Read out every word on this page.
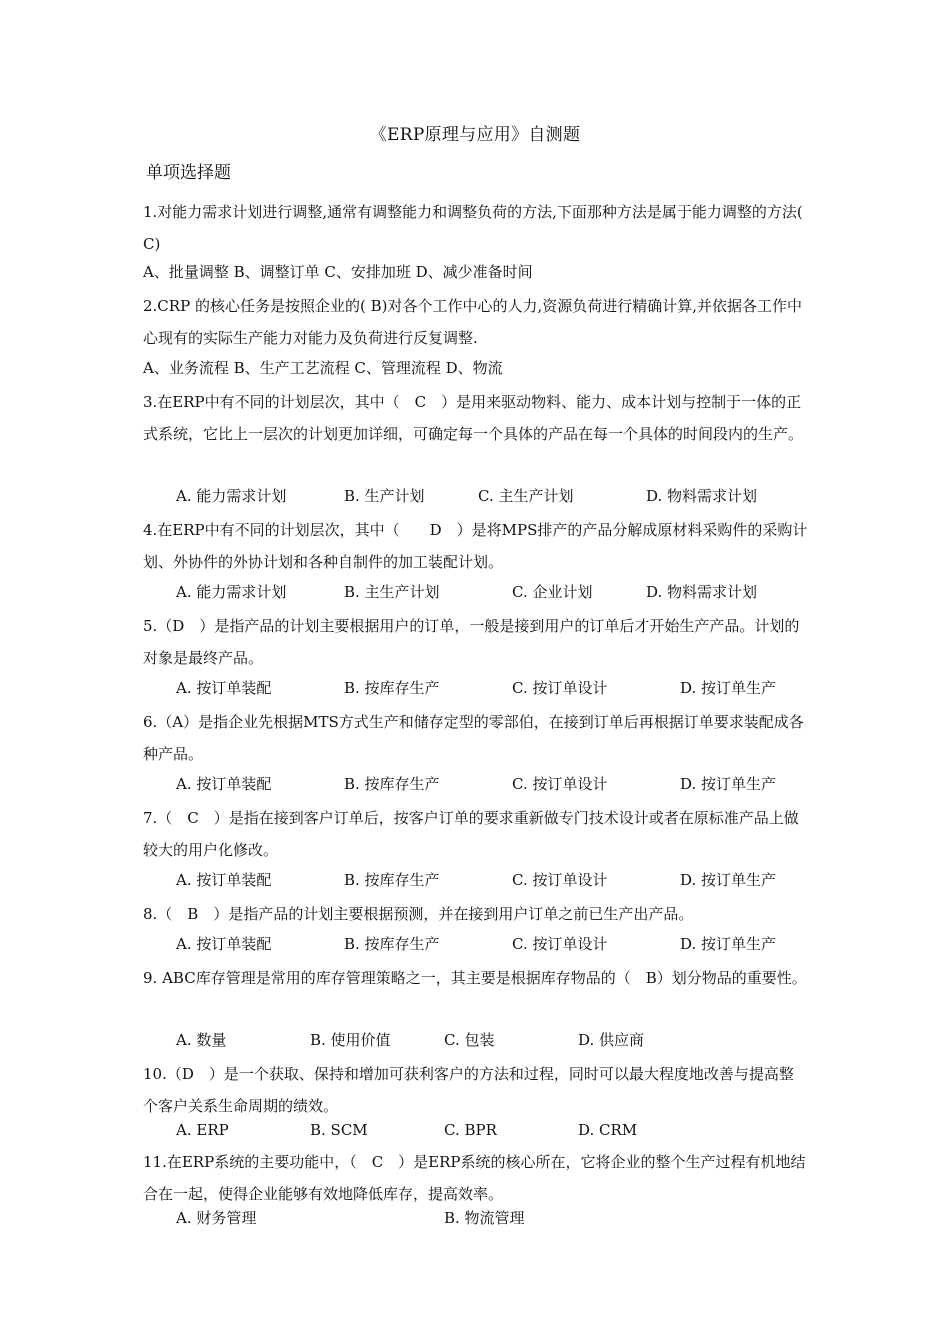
《ERP原理与应用》自测题
单项选择题

1.对能力需求计划进行调整,通常有调整能力和调整负荷的方法,下面那种方法是属于能力调整的方法( C)

A、批量调整 B、调整订单 C、安排加班 D、减少准备时间

2.CRP 的核心任务是按照企业的( B)对各个工作中心的人力,资源负荷进行精确计算,并依据各工作中心现有的实际生产能力对能力及负荷进行反复调整.

A、业务流程 B、生产工艺流程 C、管理流程 D、物流

3.在ERP中有不同的计划层次，其中（　C　）是用来驱动物料、能力、成本计划与控制于一体的正式系统，它比上一层次的计划更加详细，可确定每一个具体的产品在每一个具体的时间段内的生产。

A. 能力需求计划	B. 生产计划	C. 主生产计划	D. 物料需求计划

4.在ERP中有不同的计划层次，其中（　　D　）是将MPS排产的产品分解成原材料采购件的采购计划、外协件的外协计划和各种自制件的加工装配计划。

A. 能力需求计划	B. 主生产计划	C. 企业计划	D. 物料需求计划

5.（D　）是指产品的计划主要根据用户的订单，一般是接到用户的订单后才开始生产产品。计划的对象是最终产品。

A. 按订单装配	B. 按库存生产	C. 按订单设计	D. 按订单生产

6.（A）是指企业先根据MTS方式生产和储存定型的零部伯，在接到订单后再根据订单要求装配成各种产品。

A. 按订单装配	B. 按库存生产	C. 按订单设计	D. 按订单生产

7.（　C　）是指在接到客户订单后，按客户订单的要求重新做专门技术设计或者在原标准产品上做较大的用户化修改。

A. 按订单装配	B. 按库存生产	C. 按订单设计	D. 按订单生产

8.（　B　）是指产品的计划主要根据预测，并在接到用户订单之前已生产出产品。

A. 按订单装配	B. 按库存生产	C. 按订单设计	D. 按订单生产

9. ABC库存管理是常用的库存管理策略之一，其主要是根据库存物品的（　B）划分物品的重要性。

A. 数量	B. 使用价值	C. 包装	D. 供应商

10.（D　）是一个获取、保持和增加可获利客户的方法和过程，同时可以最大程度地改善与提高整个客户关系生命周期的绩效。

A. ERP	B. SCM	C. BPR	D. CRM

11.在ERP系统的主要功能中，（　C　）是ERP系统的核心所在，它将企业的整个生产过程有机地结合在一起，使得企业能够有效地降低库存，提高效率。

A. 财务管理	B. 物流管理
